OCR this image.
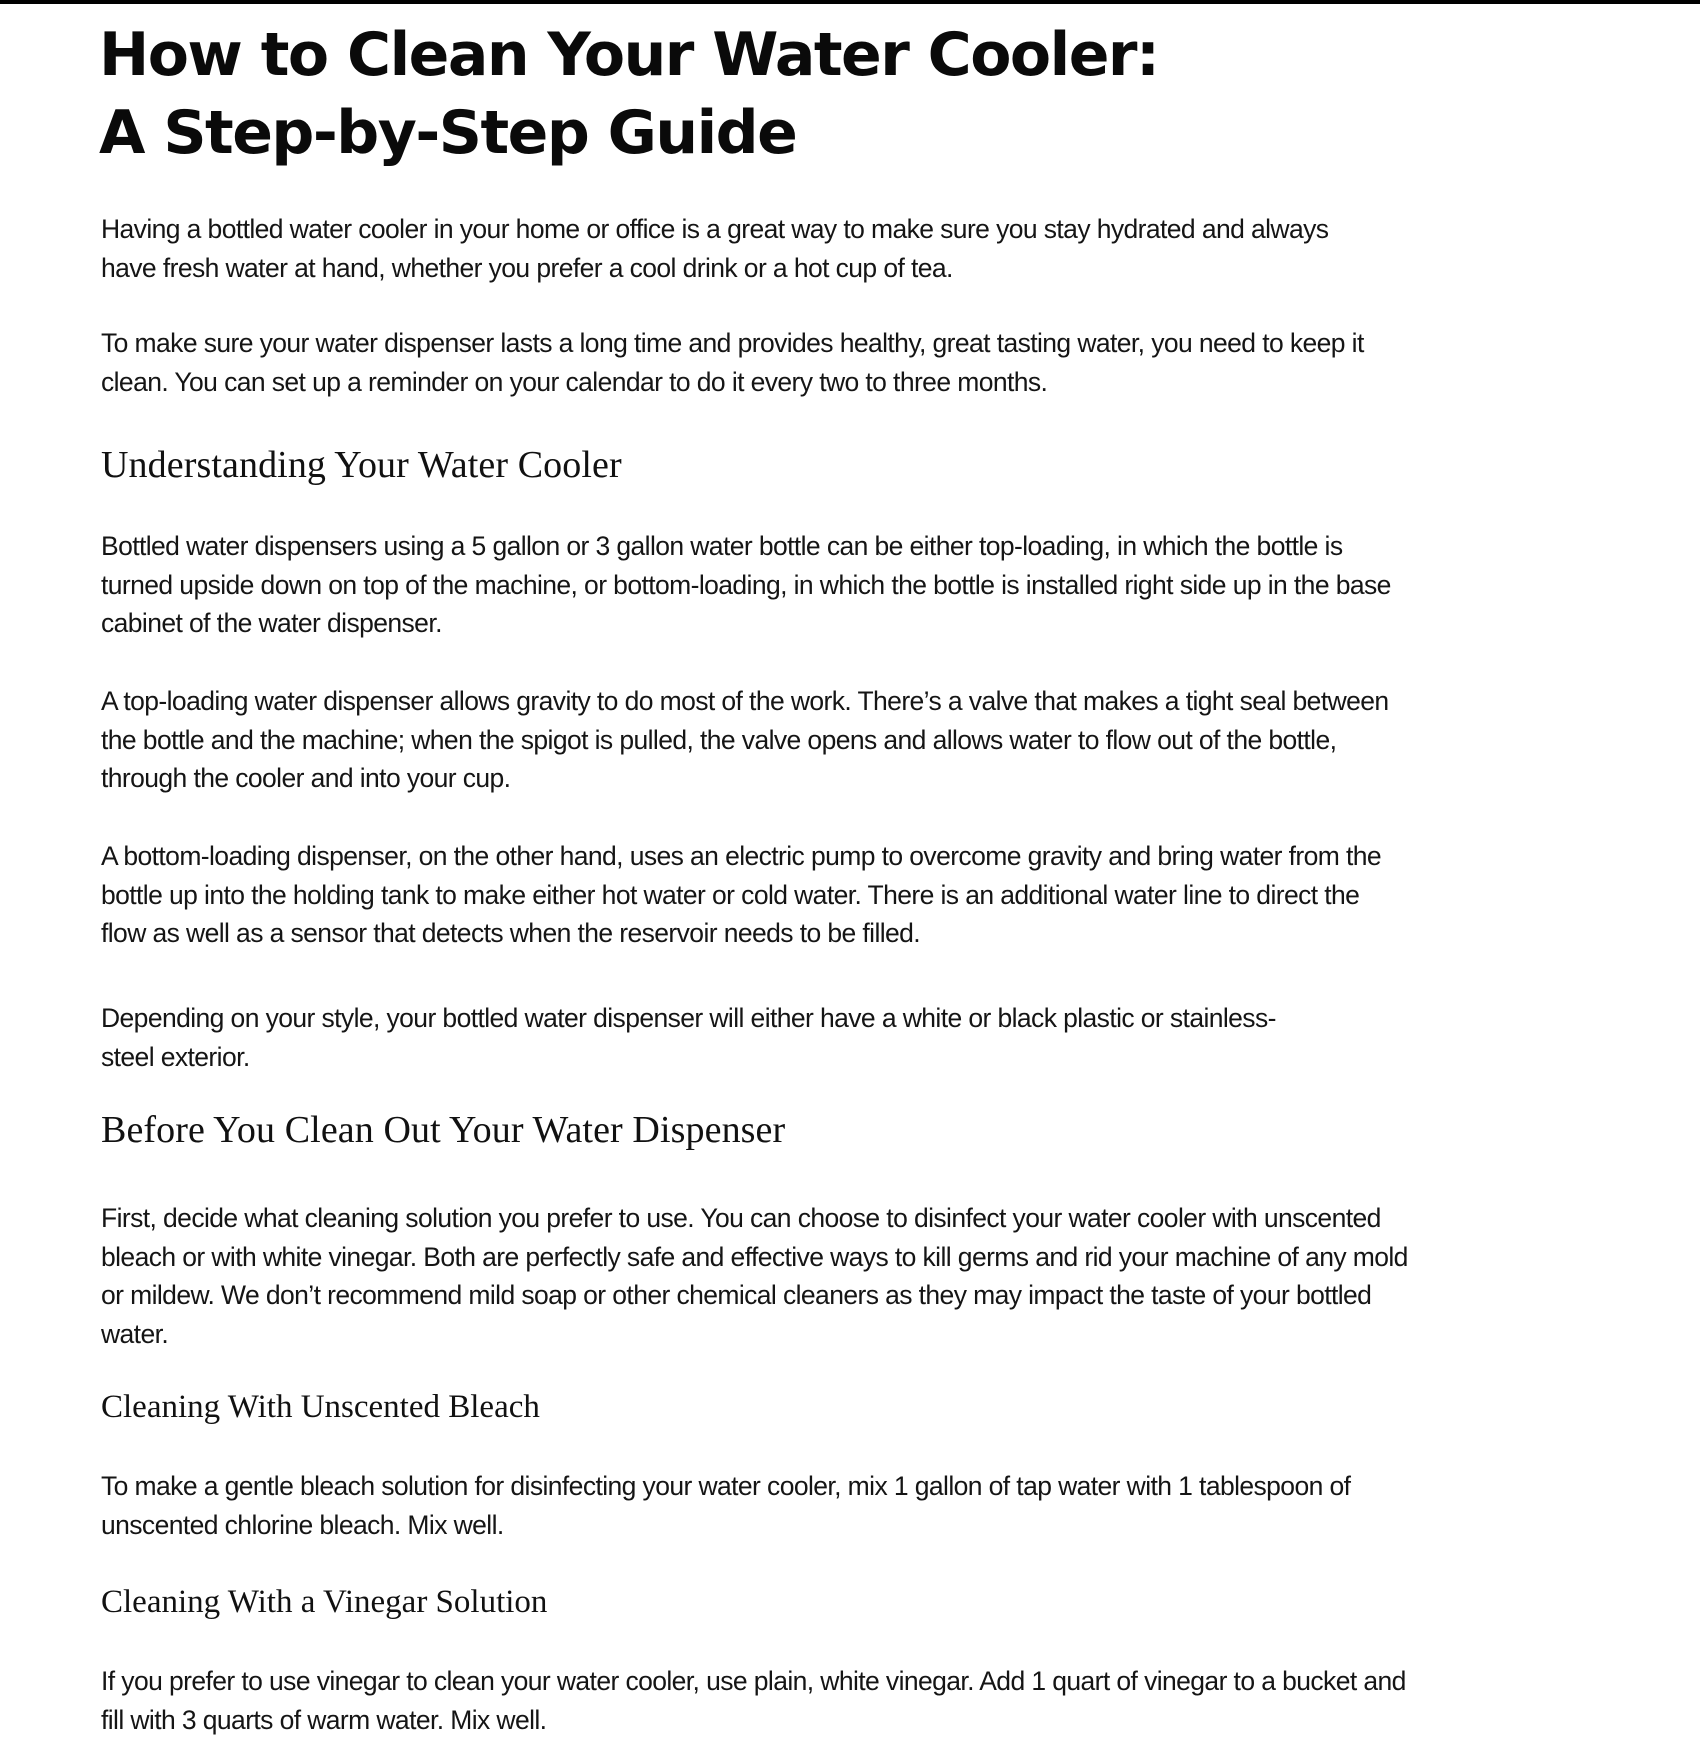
How to Clean Your Water Cooler:
A Step-by-Step Guide

Having a bottled water cooler in your home or office is a great way to make sure you stay hydrated and always
have fresh water at hand, whether you prefer a cool drink or a hot cup of tea.

To make sure your water dispenser lasts a long time and provides healthy, great tasting water, you need to keep it
clean. You can set up a reminder on your calendar to do it every two to three months.

Understanding Your Water Cooler

Bottled water dispensers using a 5 gallon or 3 gallon water bottle can be either top-loading, in which the bottle is
turned upside down on top of the machine, or bottom-loading, in which the bottle is installed right side up in the base
cabinet of the water dispenser.

A top-loading water dispenser allows gravity to do most of the work. There’s a valve that makes a tight seal between
the bottle and the machine; when the spigot is pulled, the valve opens and allows water to flow out of the bottle,
through the cooler and into your cup.

A bottom-loading dispenser, on the other hand, uses an electric pump to overcome gravity and bring water from the
bottle up into the holding tank to make either hot water or cold water. There is an additional water line to direct the
flow as well as a sensor that detects when the reservoir needs to be filled.

Depending on your style, your bottled water dispenser will either have a white or black plastic or stainless-
steel exterior.

Before You Clean Out Your Water Dispenser

First, decide what cleaning solution you prefer to use. You can choose to disinfect your water cooler with unscented
bleach or with white vinegar. Both are perfectly safe and effective ways to kill germs and rid your machine of any mold
or mildew. We don’t recommend mild soap or other chemical cleaners as they may impact the taste of your bottled
water.

Cleaning With Unscented Bleach

To make a gentle bleach solution for disinfecting your water cooler, mix 1 gallon of tap water with 1 tablespoon of
unscented chlorine bleach. Mix well.

Cleaning With a Vinegar Solution

If you prefer to use vinegar to clean your water cooler, use plain, white vinegar. Add 1 quart of vinegar to a bucket and
fill with 3 quarts of warm water. Mix well.
